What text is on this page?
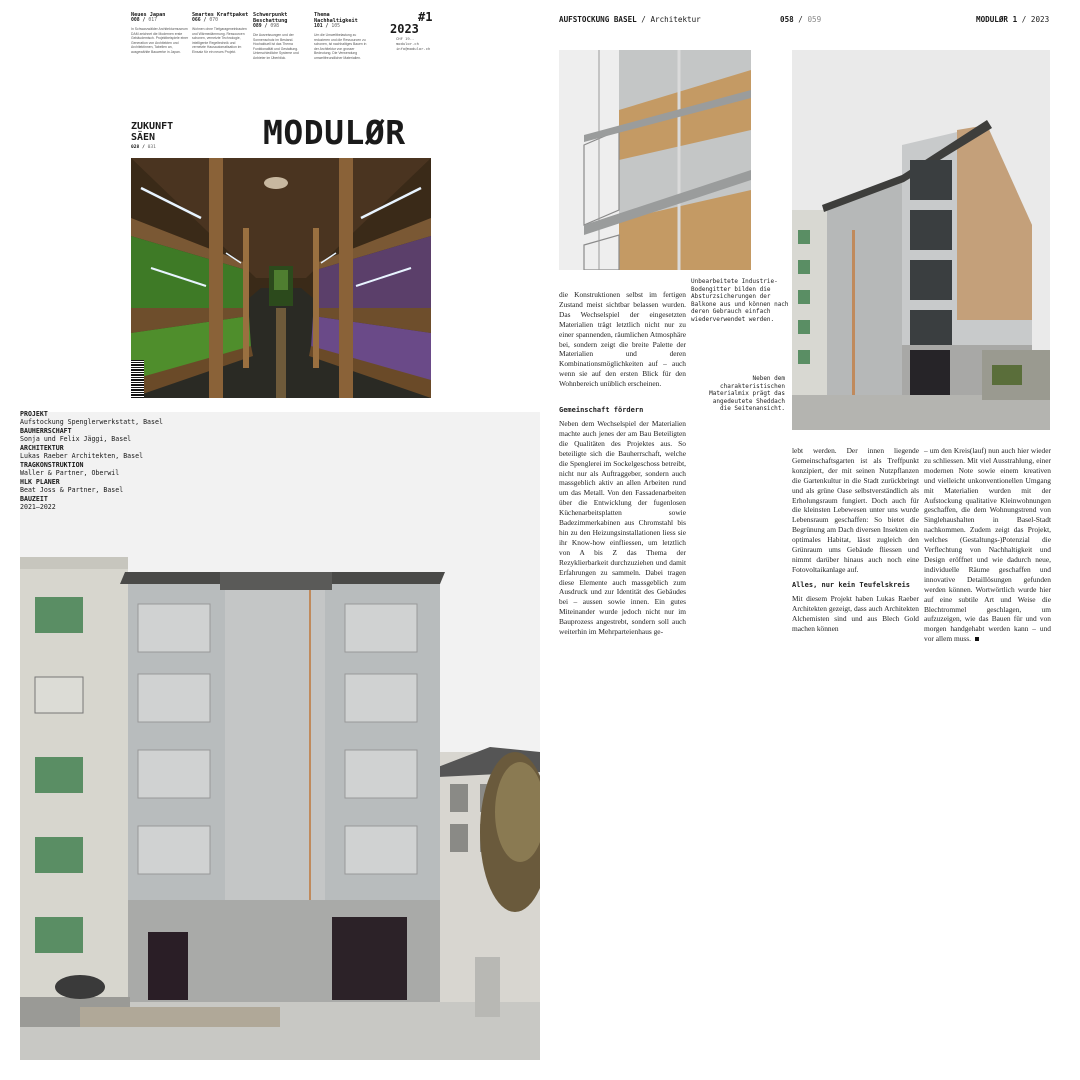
Neues Japan
008 / 017
In Schwarzwälder Architekturmuseum DAM zeichnet die Modernen erste Gebäudemisch. Projektbeispiele einer Generation von Architekten und Architektinnen, Tabellen an, ausgewählte Bauwerke in Japan.
Smartes Kraftpaket
066 / 070
Wohnen ohne Tiefgarageneinbauten und Wärmedämmung. Ressourcen schonen, vernetzte Technologie, intelligente Regeltechnik und vernetzte Hausautomatisation im Einsatz für ein neues Projekt.
Schwerpunkt Beschattung
089 / 098
Die Ausreissungen und der Sonnenschutz im Bestand. Hochaktuell ist das Thema Funktionalität und Gestaltung. Unterschiedliche Systeme und Anbieter im Überblick.
Thema Nachhaltigkeit
101 / 105
Um die Umweltbelastung zu reduzieren und die Ressourcen zu schonen, ist nachhaltiges Bauen in der Architektur von grosser Bedeutung. Die Verwendung umweltfreundlicher Materialien.
#1
2023
CHF 19.-
modulor.ch
info@modulor.ch
ZUKUNFT
SÄEN
028 / 031	MODULØR
PROJEKT
Aufstockung Spenglerwerkstatt, Basel
BAUHERRSCHAFT
Sonja und Felix Jäggi, Basel
ARCHITEKTUR
Lukas Raeber Architekten, Basel
TRAGKONSTRUKTION
Waller & Partner, Oberwil
HLK PLANER
Beat Joss & Partner, Basel
BAUZEIT
2021–2022
AUFSTOCKUNG BASEL / Architektur	058 / 059	MODULØR 1 / 2023
Unbearbeitete Industrie-Bodengitter bilden die Absturzsicherungen der Balkone aus und können nach deren Gebrauch einfach wiederverwendet werden.
Neben dem charakteristischen Materialmix prägt das angedeutete Sheddach die Seitenansicht.

die Konstruktionen selbst im fertigen Zustand meist sichtbar belassen wurden. Das Wechselspiel der eingesetzten Materialien trägt letztlich nicht nur zu einer spannenden, räumlichen Atmosphäre bei, sondern zeigt die breite Palette der Materialien und deren Kombinationsmöglichkeiten auf – auch wenn sie auf den ersten Blick für den Wohnbereich unüblich erscheinen.

Gemeinschaft fördern

Neben dem Wechselspiel der Materialien machte auch jenes der am Bau Beteiligten die Qualitäten des Projektes aus. So beteiligte sich die Bauherrschaft, welche die Spenglerei im Sockelgeschoss betreibt, nicht nur als Auftraggeber, sondern auch massgeblich aktiv an allen Arbeiten rund um das Metall. Von den Fassadenarbeiten über die Entwicklung der fugenlosen Küchenarbeitsplatten sowie Badezimmerkabinen aus Chromstahl bis hin zu den Heizungsinstallationen liess sie ihr Know-how einfliessen, um letztlich von A bis Z das Thema der Rezyklierbarkeit durchzuziehen und damit Erfahrungen zu sammeln. Dabei tragen diese Elemente auch massgeblich zum Ausdruck und zur Identität des Gebäudes bei – aussen sowie innen. Ein gutes Miteinander wurde jedoch nicht nur im Bauprozess angestrebt, sondern soll auch weiterhin im Mehrparteienhaus ge-

lebt werden. Der innen liegende Gemeinschaftsgarten ist als Treffpunkt konzipiert, der mit seinen Nutzpflanzen die Gartenkultur in die Stadt zurückbringt und als grüne Oase selbstverständlich als Erholungsraum fungiert. Doch auch für die kleinsten Lebewesen unter uns wurde Lebensraum geschaffen: So bietet die Begrünung am Dach diversen Insekten ein optimales Habitat, lässt zugleich den Grünraum ums Gebäude fliessen und nimmt darüber hinaus auch noch eine Fotovoltaikanlage auf.

Alles, nur kein Teufelskreis

Mit diesem Projekt haben Lukas Raeber Architekten gezeigt, dass auch Architekten Alchemisten sind und aus Blech Gold machen können

– um den Kreis(lauf) nun auch hier wieder zu schliessen. Mit viel Ausstrahlung, einer modernen Note sowie einem kreativen und vielleicht unkonventionellen Umgang mit Materialien wurden mit der Aufstockung qualitative Kleinwohnungen geschaffen, die dem Wohnungstrend von Singlehaushalten in Basel-Stadt nachkommen. Zudem zeigt das Projekt, welches (Gestaltungs-)Potenzial die Verflechtung von Nachhaltigkeit und Design eröffnet und wie dadurch neue, individuelle Räume geschaffen und innovative Detaillösungen gefunden werden können. Wortwörtlich wurde hier auf eine subtile Art und Weise die Blechtrommel geschlagen, um aufzuzeigen, wie das Bauen für und von morgen handgehabt werden kann – und vor allem muss.
